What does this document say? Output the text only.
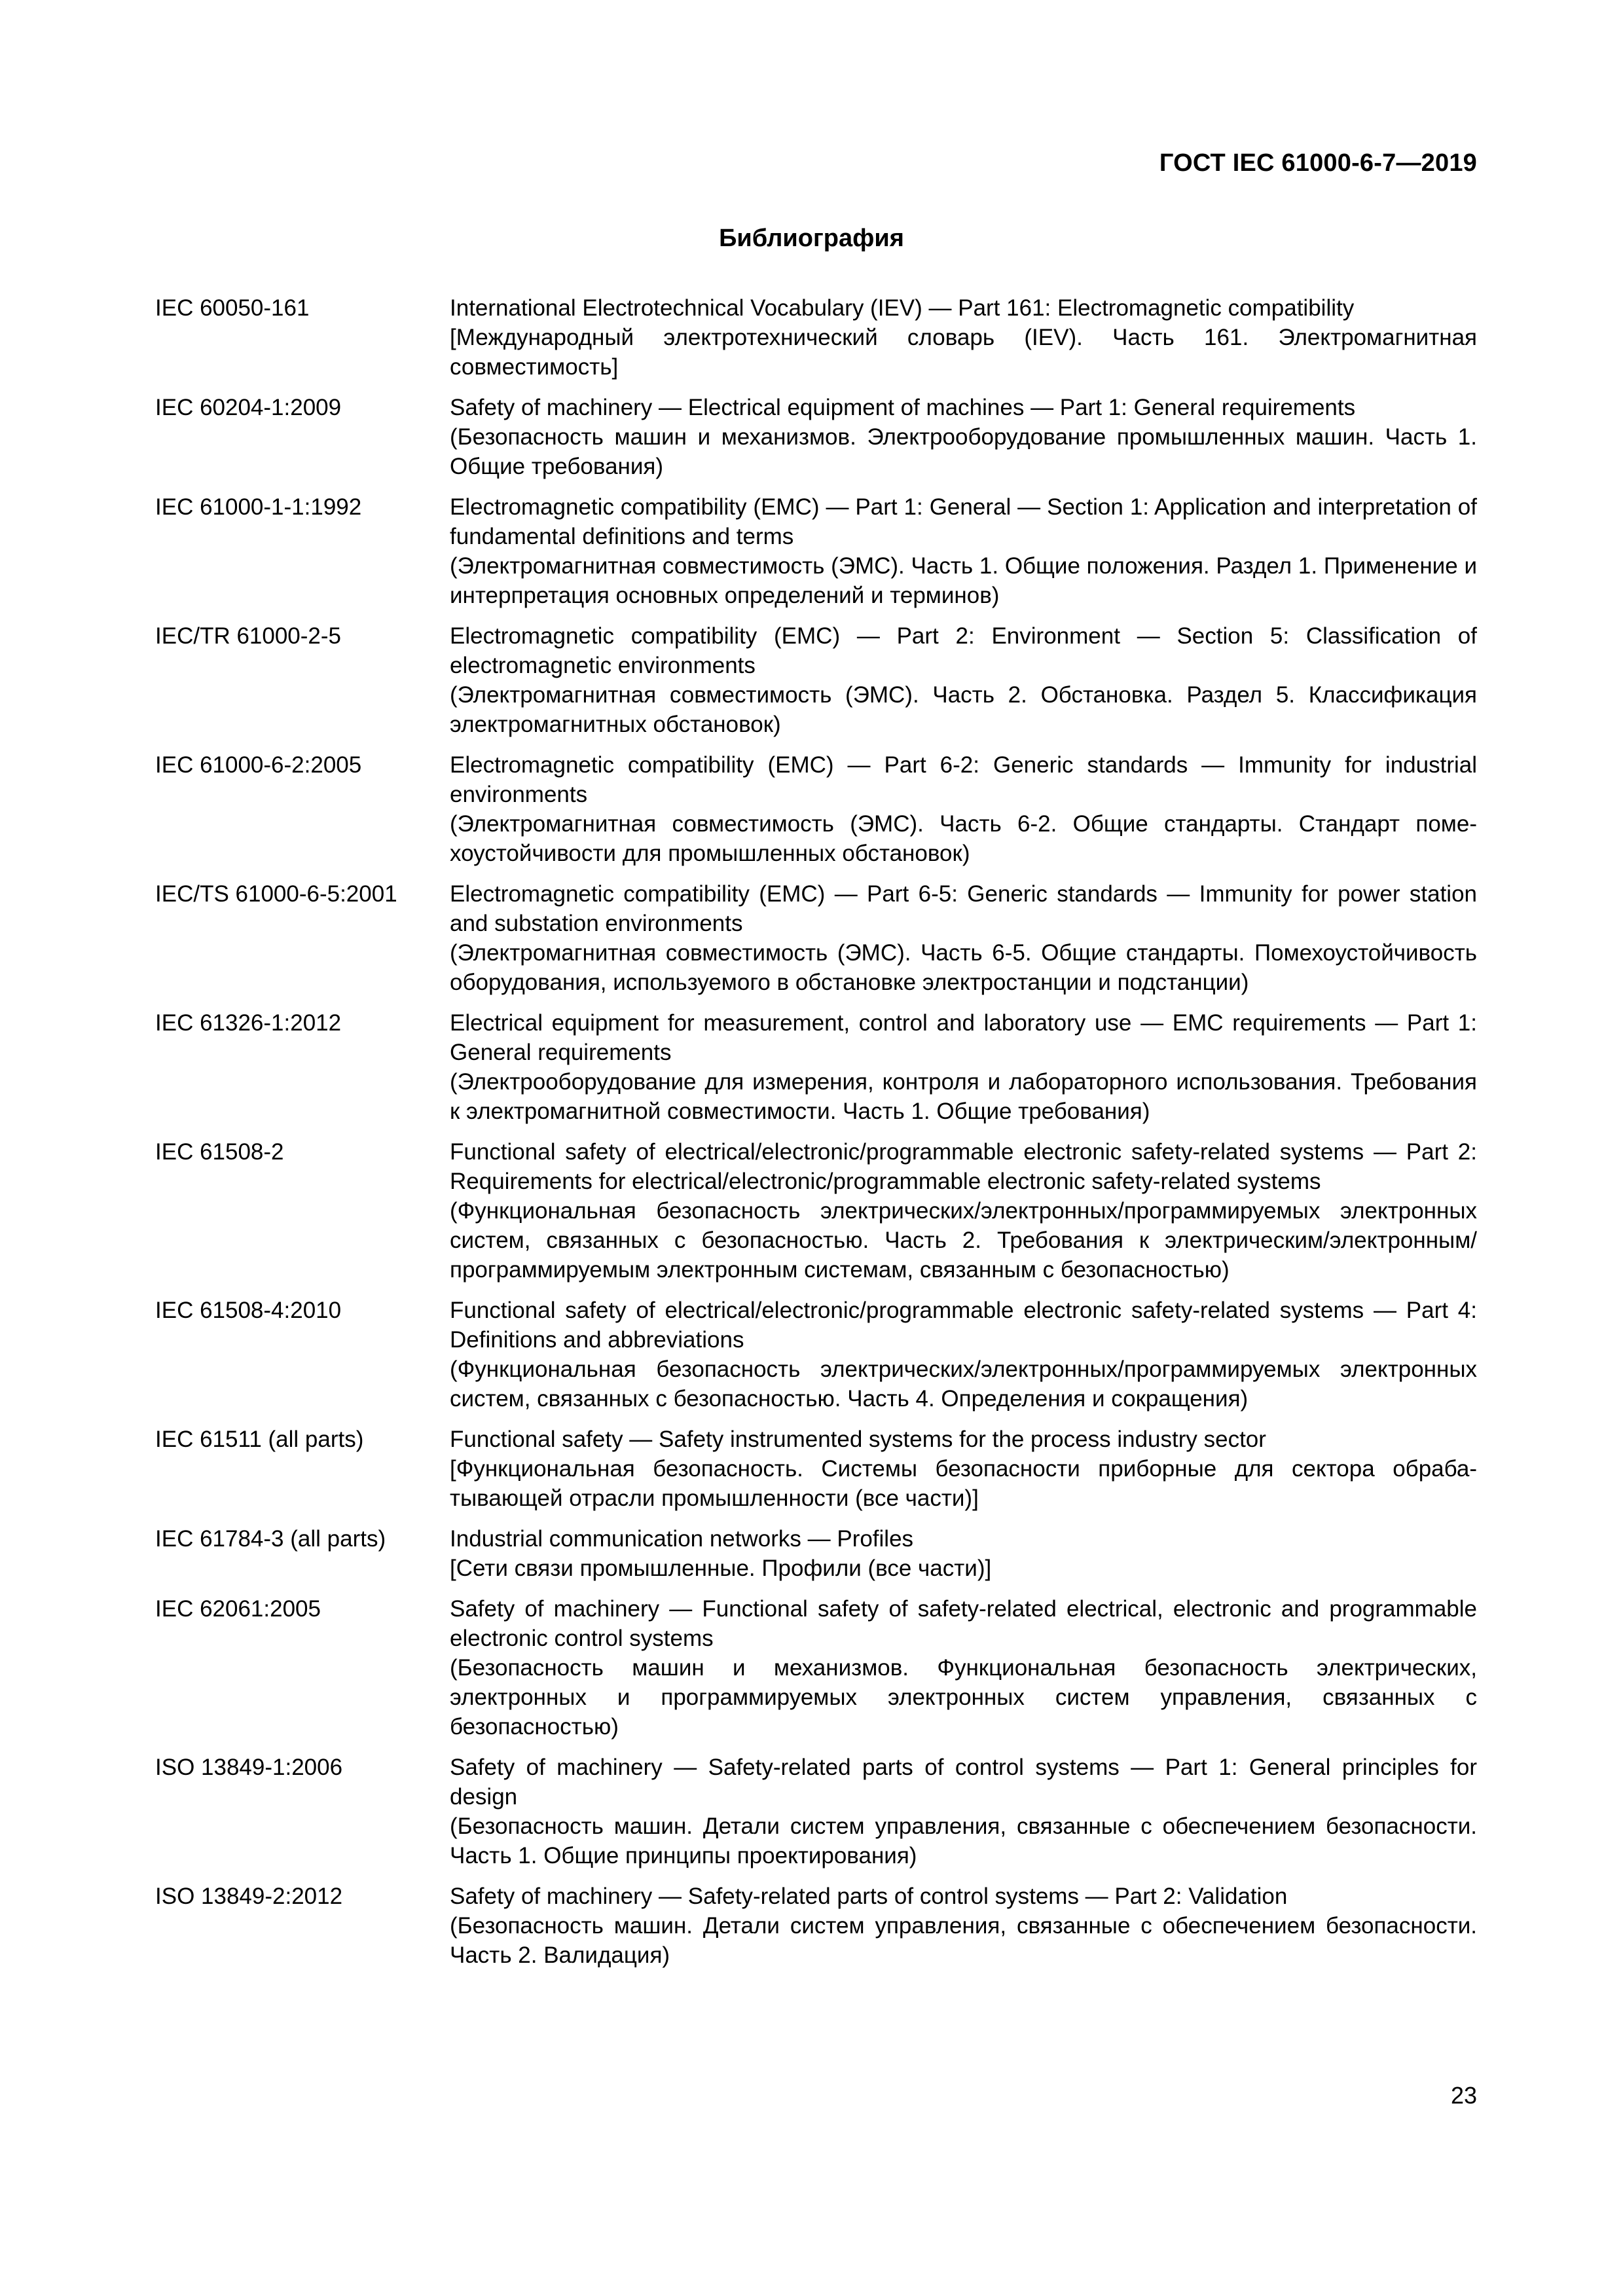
ГОСТ IEC 61000-6-7—2019
Библиография
IEC 60050-161	International Electrotechnical Vocabulary (IEV) — Part 161: Electromagnetic compatibility
[Международный электротехнический словарь (IEV). Часть 161. Электромагнитная совместимость]
IEC 60204-1:2009	Safety of machinery — Electrical equipment of machines — Part 1: General requirements
(Безопасность машин и механизмов. Электрооборудование промышленных машин. Часть 1. Общие требования)
IEC 61000-1-1:1992	Electromagnetic compatibility (EMC) — Part 1: General — Section 1: Application and interpretation of fundamental definitions and terms
(Электромагнитная совместимость (ЭМС). Часть 1. Общие положения. Раздел 1. Применение и интерпретация основных определений и терминов)
IEC/TR 61000-2-5	Electromagnetic compatibility (EMC) — Part 2: Environment — Section 5: Classification of electromagnetic environments
(Электромагнитная совместимость (ЭМС). Часть 2. Обстановка. Раздел 5. Классификация электромагнитных обстановок)
IEC 61000-6-2:2005	Electromagnetic compatibility (EMC) — Part 6-2: Generic standards — Immunity for industrial environments
(Электромагнитная совместимость (ЭМС). Часть 6-2. Общие стандарты. Стандарт помехоустойчивости для промышленных обстановок)
IEC/TS 61000-6-5:2001	Electromagnetic compatibility (EMC) — Part 6-5: Generic standards — Immunity for power station and substation environments
(Электромагнитная совместимость (ЭМС). Часть 6-5. Общие стандарты. Помехоустойчивость оборудования, используемого в обстановке электростанции и подстанции)
IEC 61326-1:2012	Electrical equipment for measurement, control and laboratory use — EMC requirements — Part 1: General requirements
(Электрооборудование для измерения, контроля и лабораторного использования. Требования к электромагнитной совместимости. Часть 1. Общие требования)
IEC 61508-2	Functional safety of electrical/electronic/programmable electronic safety-related systems — Part 2: Requirements for electrical/electronic/programmable electronic safety-related systems
(Функциональная безопасность электрических/электронных/программируемых электронных систем, связанных с безопасностью. Часть 2. Требования к электрическим/электронным/программируемым электронным системам, связанным с безопасностью)
IEC 61508-4:2010	Functional safety of electrical/electronic/programmable electronic safety-related systems — Part 4: Definitions and abbreviations
(Функциональная безопасность электрических/электронных/программируемых электронных систем, связанных с безопасностью. Часть 4. Определения и сокращения)
IEC 61511 (all parts)	Functional safety — Safety instrumented systems for the process industry sector
[Функциональная безопасность. Системы безопасности приборные для сектора обрабатывающей отрасли промышленности (все части)]
IEC 61784-3 (all parts)	Industrial communication networks — Profiles
[Сети связи промышленные. Профили (все части)]
IEC 62061:2005	Safety of machinery — Functional safety of safety-related electrical, electronic and programmable electronic control systems
(Безопасность машин и механизмов. Функциональная безопасность электрических, электронных и программируемых электронных систем управления, связанных с безопасностью)
ISO 13849-1:2006	Safety of machinery — Safety-related parts of control systems — Part 1: General principles for design
(Безопасность машин. Детали систем управления, связанные с обеспечением безопасности. Часть 1. Общие принципы проектирования)
ISO 13849-2:2012	Safety of machinery — Safety-related parts of control systems — Part 2: Validation
(Безопасность машин. Детали систем управления, связанные с обеспечением безопасности. Часть 2. Валидация)
23
